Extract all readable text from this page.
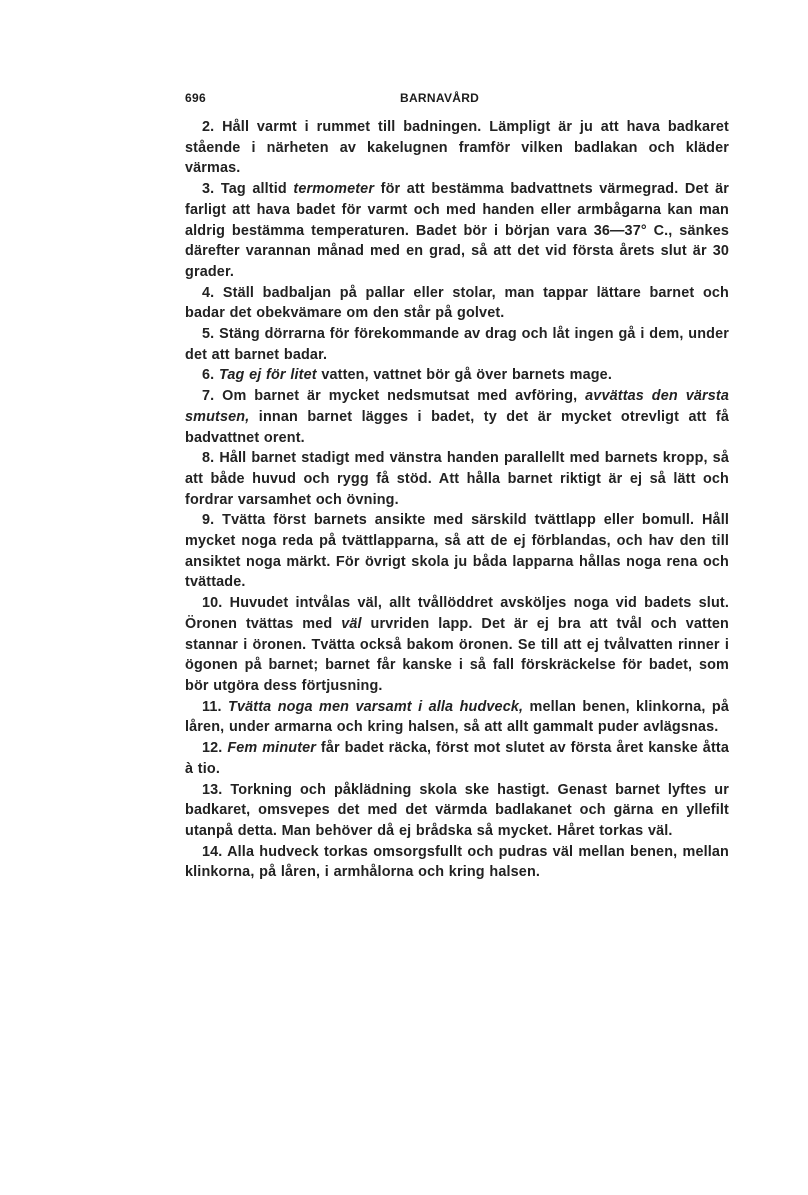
696	BARNAVÅRD

2. Håll varmt i rummet till badningen. Lämpligt är ju att hava badkaret stående i närheten av kakelugnen framför vilken badlakan och kläder värmas.

3. Tag alltid termometer för att bestämma badvattnets värmegrad. Det är farligt att hava badet för varmt och med handen eller armbågarna kan man aldrig bestämma temperaturen. Badet bör i början vara 36—37° C., sänkes därefter varannan månad med en grad, så att det vid första årets slut är 30 grader.

4. Ställ badbaljan på pallar eller stolar, man tappar lättare barnet och badar det obekvämare om den står på golvet.

5. Stäng dörrarna för förekommande av drag och låt ingen gå i dem, under det att barnet badar.

6. Tag ej för litet vatten, vattnet bör gå över barnets mage.

7. Om barnet är mycket nedsmutsat med avföring, avvättas den värsta smutsen, innan barnet lägges i badet, ty det är mycket otrevligt att få badvattnet orent.

8. Håll barnet stadigt med vänstra handen parallellt med barnets kropp, så att både huvud och rygg få stöd. Att hålla barnet riktigt är ej så lätt och fordrar varsamhet och övning.

9. Tvätta först barnets ansikte med särskild tvättlapp eller bomull. Håll mycket noga reda på tvättlapparna, så att de ej förblandas, och hav den till ansiktet noga märkt. För övrigt skola ju båda lapparna hållas noga rena och tvättade.

10. Huvudet intvålas väl, allt tvållöddret avsköljes noga vid badets slut. Öronen tvättas med väl urvriden lapp. Det är ej bra att tvål och vatten stannar i öronen. Tvätta också bakom öronen. Se till att ej tvålvatten rinner i ögonen på barnet; barnet får kanske i så fall förskräckelse för badet, som bör utgöra dess förtjusning.

11. Tvätta noga men varsamt i alla hudveck, mellan benen, klinkorna, på låren, under armarna och kring halsen, så att allt gammalt puder avlägsnas.

12. Fem minuter får badet räcka, först mot slutet av första året kanske åtta à tio.

13. Torkning och påklädning skola ske hastigt. Genast barnet lyftes ur badkaret, omsvepes det med det värmda badlakanet och gärna en yllefilt utanpå detta. Man behöver då ej brådska så mycket. Håret torkas väl.

14. Alla hudveck torkas omsorgsfullt och pudras väl mellan benen, mellan klinkorna, på låren, i armhålorna och kring halsen.
